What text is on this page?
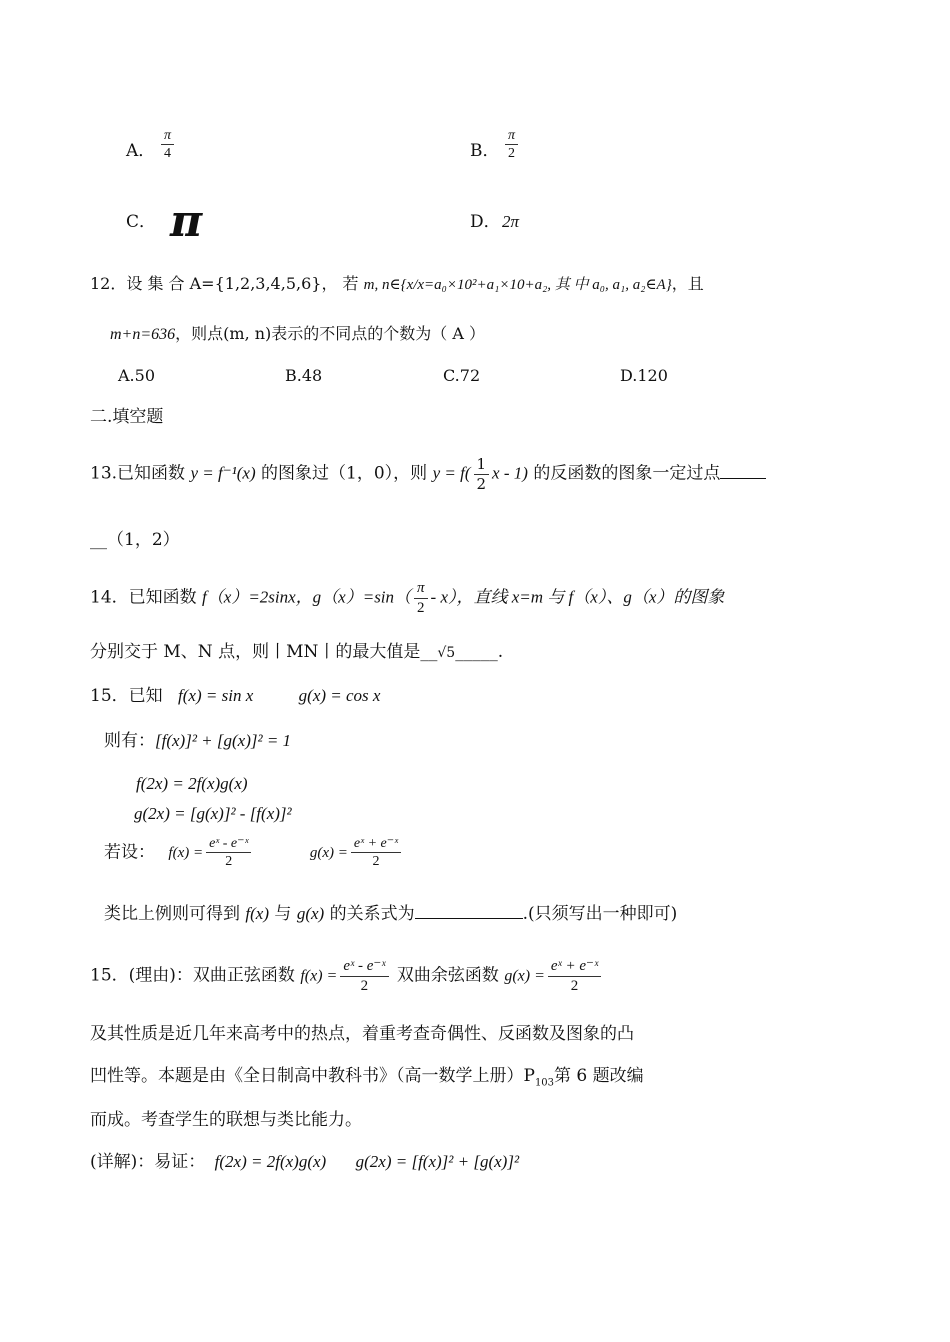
A． $\frac{\pi}{4}$	B． $\frac{\pi}{2}$
C． π	D． 2π
12．设 集 合 A={1,2,3,4,5,6}， 若 m, n∈{x/x=a₀×10²+a₁×10+a₂, 其 中 a₀, a₁, a₂∈A}，且
m+n=636，则点(m, n)表示的不同点的个数为（ A ）
A.50	B.48	C.72	D.120
二.填空题
13.已知函数 y = f⁻¹(x) 的图象过（1，0），则 $y = f( \frac{1}{2}$ x - 1) 的反函数的图象一定过点
__（1，2）
14．已知函数 f（x）=2sinx，$g(x)=\sin( \frac{\pi}{2} - x)$，直线 x=m 与 f（x）、g（x）的图象
分别交于 M、N 点，则丨MN丨的最大值是__√5_____.
15．已知 f(x) = sin x	g(x) = cos x
则有：[f(x)]² + [g(x)]² = 1
f(2x) = 2f(x)g(x)
g(2x) = [g(x)]² - [f(x)]²
若设： $f(x) = \frac{\text{eˣ - e⁻ˣ}}{2}$	$g(x) = \frac{\text{eˣ + e⁻ˣ}}{2}$
类比上例则可得到 f(x) 与 g(x) 的关系式为	.(只须写出一种即可)
15．(理由)：双曲正弦函数 $f(x) = \frac{\text{eˣ - e⁻ˣ}}{2}$ 双曲余弦函数 $g(x) = \frac{\text{eˣ + e⁻ˣ}}{2}$
及其性质是近几年来高考中的热点，着重考查奇偶性、反函数及图象的凸
凹性等。本题是由《全日制高中教科书》（高一数学上册）$P_{103}$第 6 题改编
而成。考查学生的联想与类比能力。
(详解)：易证： f(2x) = 2f(x)g(x) g(2x) = [f(x)]² + [g(x)]²
